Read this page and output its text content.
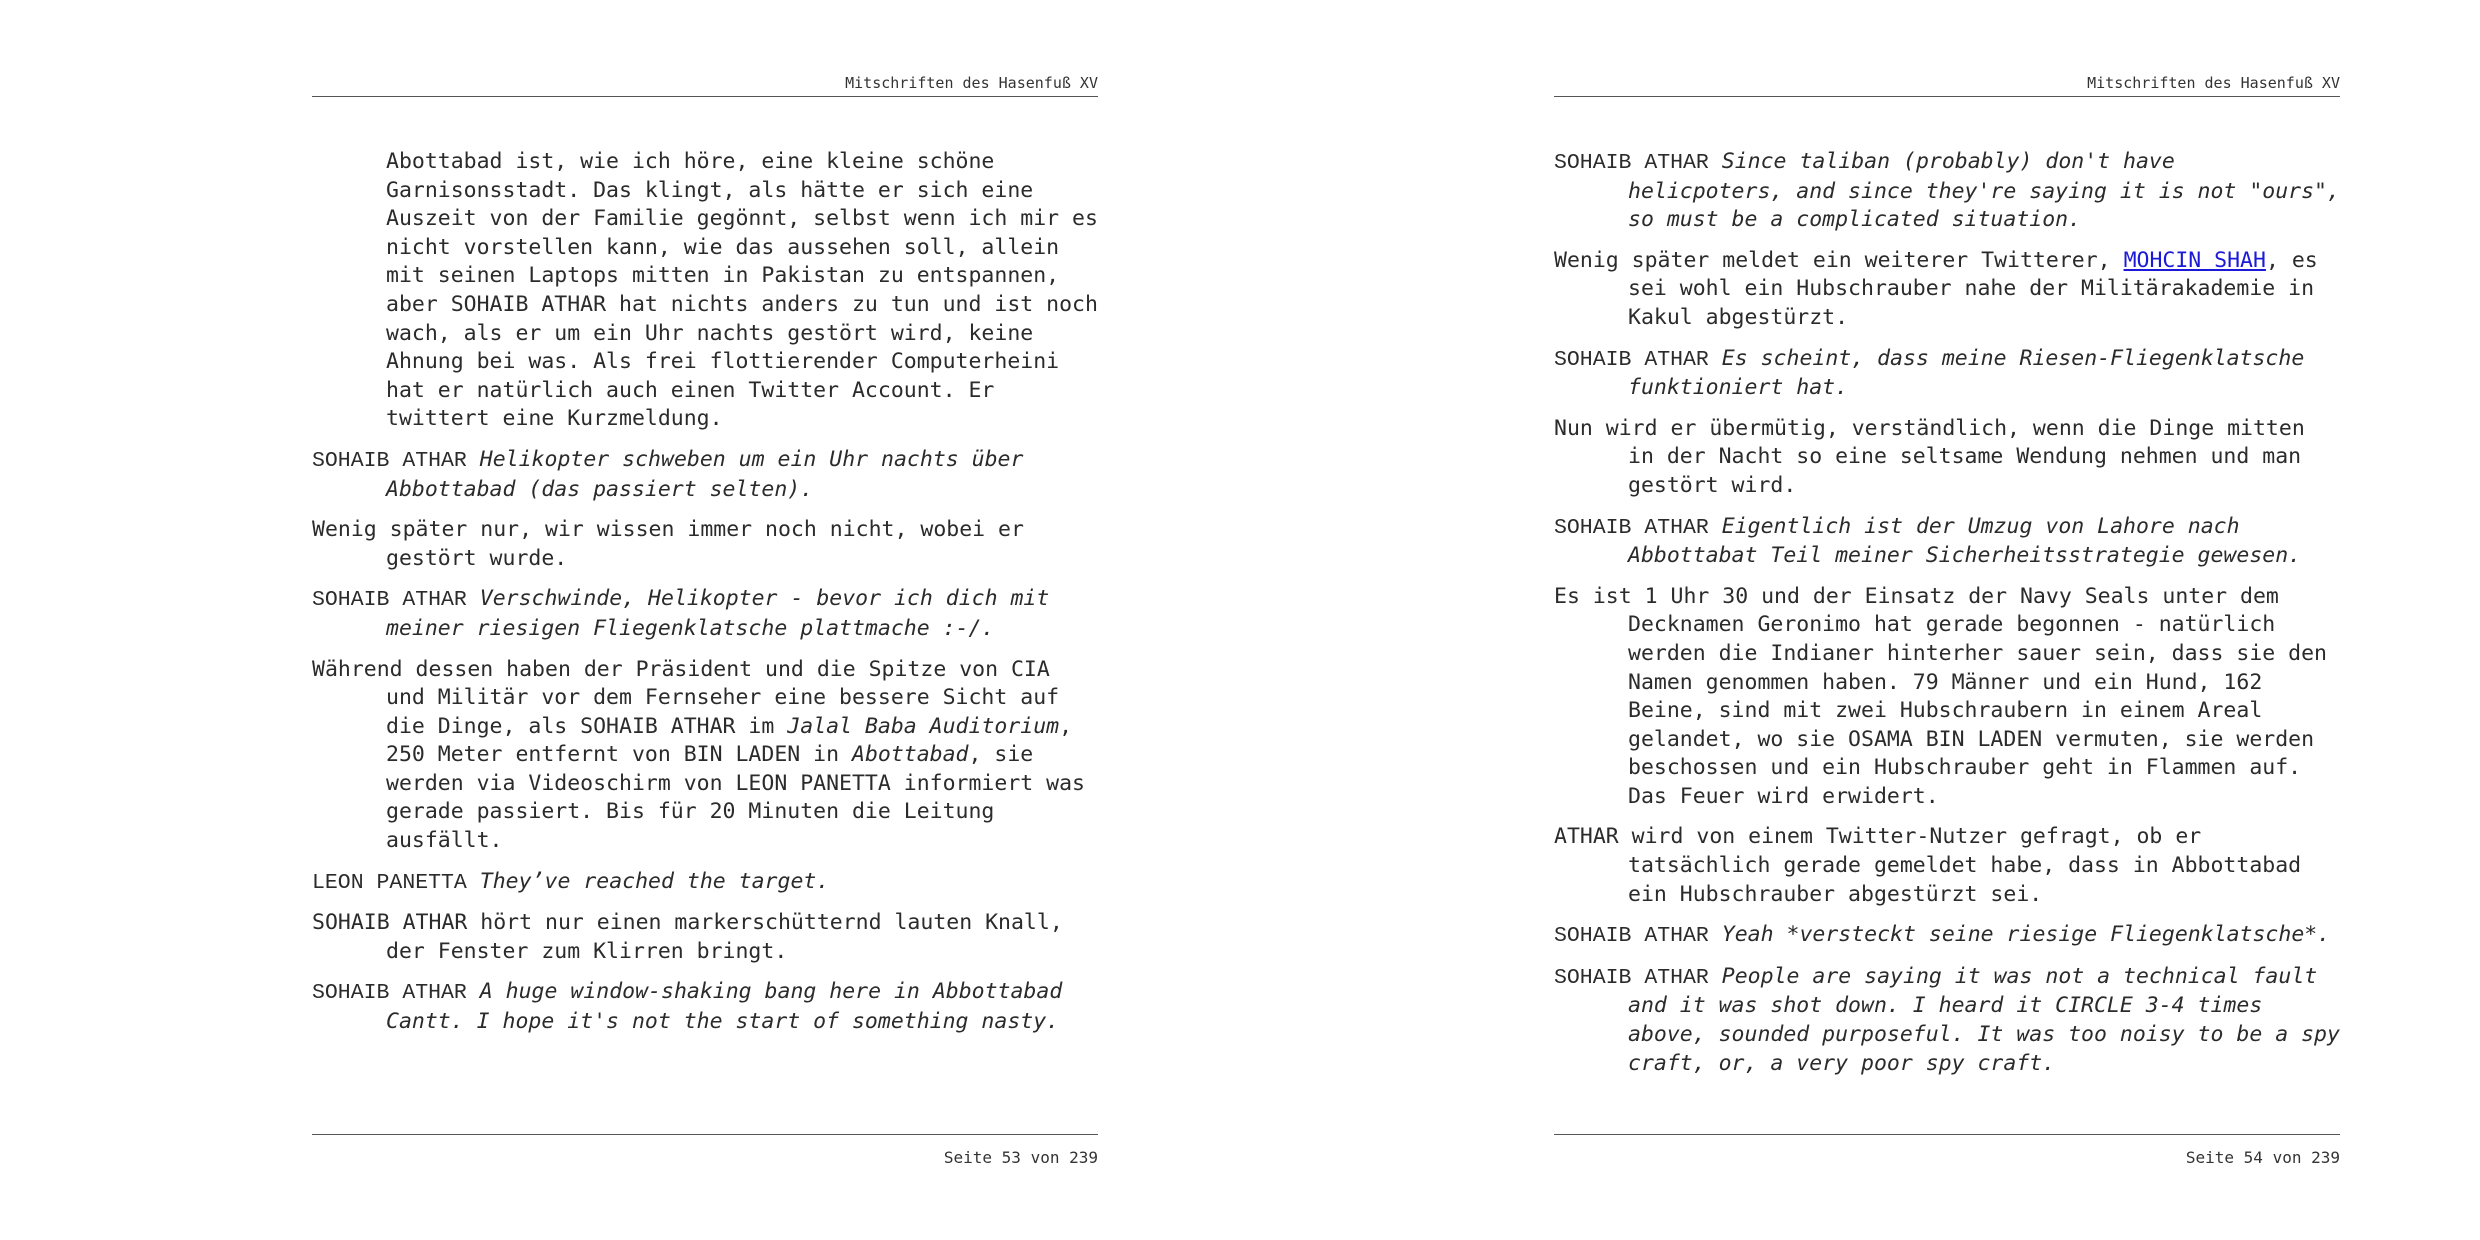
Mitschriften des Hasenfuß XV

Abottabad ist, wie ich höre, eine kleine schöne Garnisonsstadt. Das klingt, als hätte er sich eine Auszeit von der Familie gegönnt, selbst wenn ich mir es nicht vorstellen kann, wie das aussehen soll, allein mit seinen Laptops mitten in Pakistan zu entspannen, aber SOHAIB ATHAR hat nichts anders zu tun und ist noch wach, als er um ein Uhr nachts gestört wird, keine Ahnung bei was. Als frei flottierender Computerheini hat er natürlich auch einen Twitter Account. Er twittert eine Kurzmeldung.

SOHAIB ATHAR Helikopter schweben um ein Uhr nachts über Abbottabad (das passiert selten).

Wenig später nur, wir wissen immer noch nicht, wobei er gestört wurde.

SOHAIB ATHAR Verschwinde, Helikopter - bevor ich dich mit meiner riesigen Fliegenklatsche plattmache :-/.

Während dessen haben der Präsident und die Spitze von CIA und Militär vor dem Fernseher eine bessere Sicht auf die Dinge, als SOHAIB ATHAR im Jalal Baba Auditorium, 250 Meter entfernt von BIN LADEN in Abottabad, sie werden via Videoschirm von LEON PANETTA informiert was gerade passiert. Bis für 20 Minuten die Leitung ausfällt.

LEON PANETTA They’ve reached the target.

SOHAIB ATHAR hört nur einen markerschütternd lauten Knall, der Fenster zum Klirren bringt.

SOHAIB ATHAR A huge window-shaking bang here in Abbottabad Cantt. I hope it's not the start of something nasty.

Seite 53 von 239
Mitschriften des Hasenfuß XV

SOHAIB ATHAR Since taliban (probably) don't have helicpoters, and since they're saying it is not "ours", so must be a complicated situation.

Wenig später meldet ein weiterer Twitterer, MOHCIN SHAH, es sei wohl ein Hubschrauber nahe der Militärakademie in Kakul abgestürzt.

SOHAIB ATHAR Es scheint, dass meine Riesen-Fliegenklatsche funktioniert hat.

Nun wird er übermütig, verständlich, wenn die Dinge mitten in der Nacht so eine seltsame Wendung nehmen und man gestört wird.

SOHAIB ATHAR Eigentlich ist der Umzug von Lahore nach Abbottabat Teil meiner Sicherheitsstrategie gewesen.

Es ist 1 Uhr 30 und der Einsatz der Navy Seals unter dem Decknamen Geronimo hat gerade begonnen - natürlich werden die Indianer hinterher sauer sein, dass sie den Namen genommen haben. 79 Männer und ein Hund, 162 Beine, sind mit zwei Hubschraubern in einem Areal gelandet, wo sie OSAMA BIN LADEN vermuten, sie werden beschossen und ein Hubschrauber geht in Flammen auf. Das Feuer wird erwidert.

ATHAR wird von einem Twitter-Nutzer gefragt, ob er tatsächlich gerade gemeldet habe, dass in Abbottabad ein Hubschrauber abgestürzt sei.

SOHAIB ATHAR Yeah *versteckt seine riesige Fliegenklatsche*.

SOHAIB ATHAR People are saying it was not a technical fault and it was shot down. I heard it CIRCLE 3-4 times above, sounded purposeful. It was too noisy to be a spy craft, or, a very poor spy craft.

Seite 54 von 239
